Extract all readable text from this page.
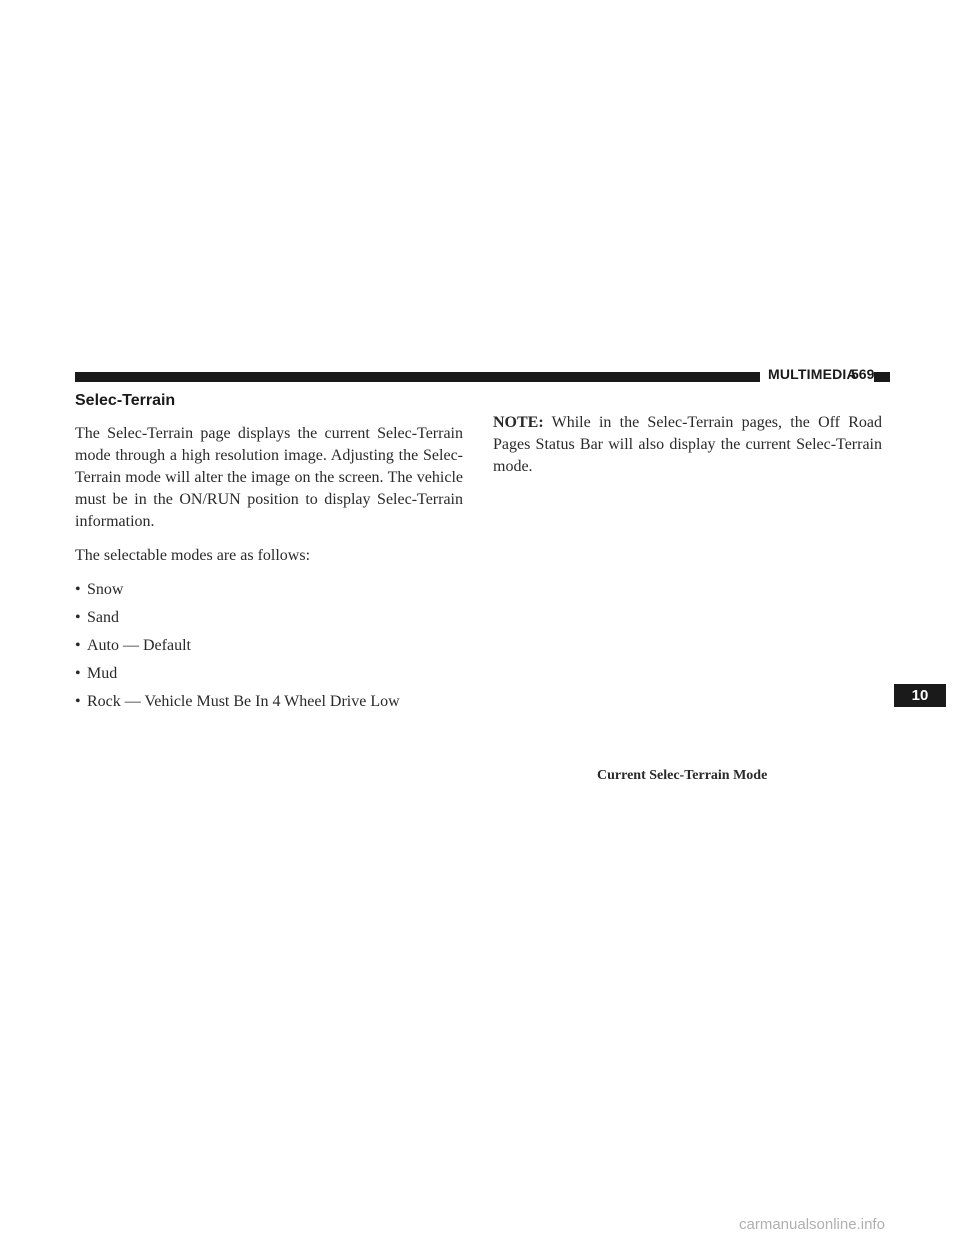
MULTIMEDIA
569
Selec-Terrain

The Selec-Terrain page displays the current Selec-Terrain mode through a high resolution image. Adjusting the Selec-Terrain mode will alter the image on the screen. The vehicle must be in the ON/RUN position to display Selec-Terrain information.

The selectable modes are as follows:

• Snow
• Sand
• Auto — Default
• Mud
• Rock — Vehicle Must Be In 4 Wheel Drive Low

NOTE: While in the Selec-Terrain pages, the Off Road Pages Status Bar will also display the current Selec-Terrain mode.

10
Current Selec-Terrain Mode
carmanualsonline.info
